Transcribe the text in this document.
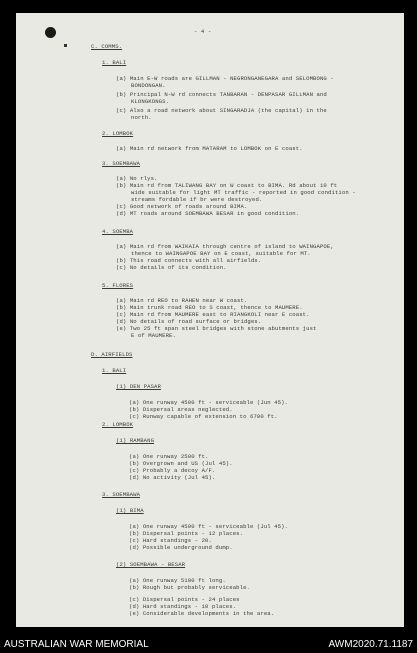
- 4 -
C. COMMS.
1. BALI
(a) Main E-W roads are GILLMAN - NEGRONGANEGARA and SELOMBONG -
BONDONGAN.
(b) Principal N-W rd connects TANBARAN - DENPASAR GILLMAN and
KLONGKONGS.
(c) Also a road network about SINGARADJA (the capital) in the
north.
2. LOMBOK
(a) Main rd network from MATARAM to LOMBOK on E coast.
3. SOEMBAWA
(a) No rlys.
(b) Main rd from TALIWANG BAY on W coast to BIMA. Rd about 10 ft
wide suitable for light MT traffic - reported in good condition -
streams fordable if br were destroyed.
(c) Good network of roads around BIMA.
(d) MT roads around SOEMBAWA BESAR in good condition.
4. SOEMBA
(a) Main rd from WAIKAIA through centre of island to WAINGAPOE,
thence to WAINGAPOE BAY on E coast, suitable for MT.
(b) This road connects with all airfields.
(c) No details of its condition.
5. FLORES
(a) Main rd REO to RAHEN near W coast.
(b) Main trunk road REO to S coast, thence to MAUMERE.
(c) Main rd from MAUMERE east to RIANGKOLI near E coast.
(d) No details of road surface or bridges.
(e) Two 25 ft span steel bridges with stone abutments just
E of MAUMERE.
D. AIRFIELDS
1. BALI
(1) DEN PASAR
(a) One runway 4500 ft - serviceable (Jun 45).
(b) Dispersal areas neglected.
(c) Runway capable of extension to 6700 ft.
2. LOMBOK
(1) RAMBANG
(a) One runway 2500 ft.
(b) Overgrown and US (Jul 45).
(c) Probably a decoy A/F.
(d) No activity (Jul 45).
3. SOEMBAWA
(1) BIMA
(a) One runway 4500 ft - serviceable (Jul 45).
(b) Dispersal points - 12 places.
(c) Hard standings - 20.
(d) Possible underground dump.
(2) SOEMBAWA - BESAR
(a) One runway 5100 ft long.
(b) Rough but probably serviceable.
(c) Dispersal points - 24 places
(d) Hard standings - 10 places.
(e) Considerable developments in the area.
AUSTRALIAN WAR MEMORIAL	AWM2020.71.1187
